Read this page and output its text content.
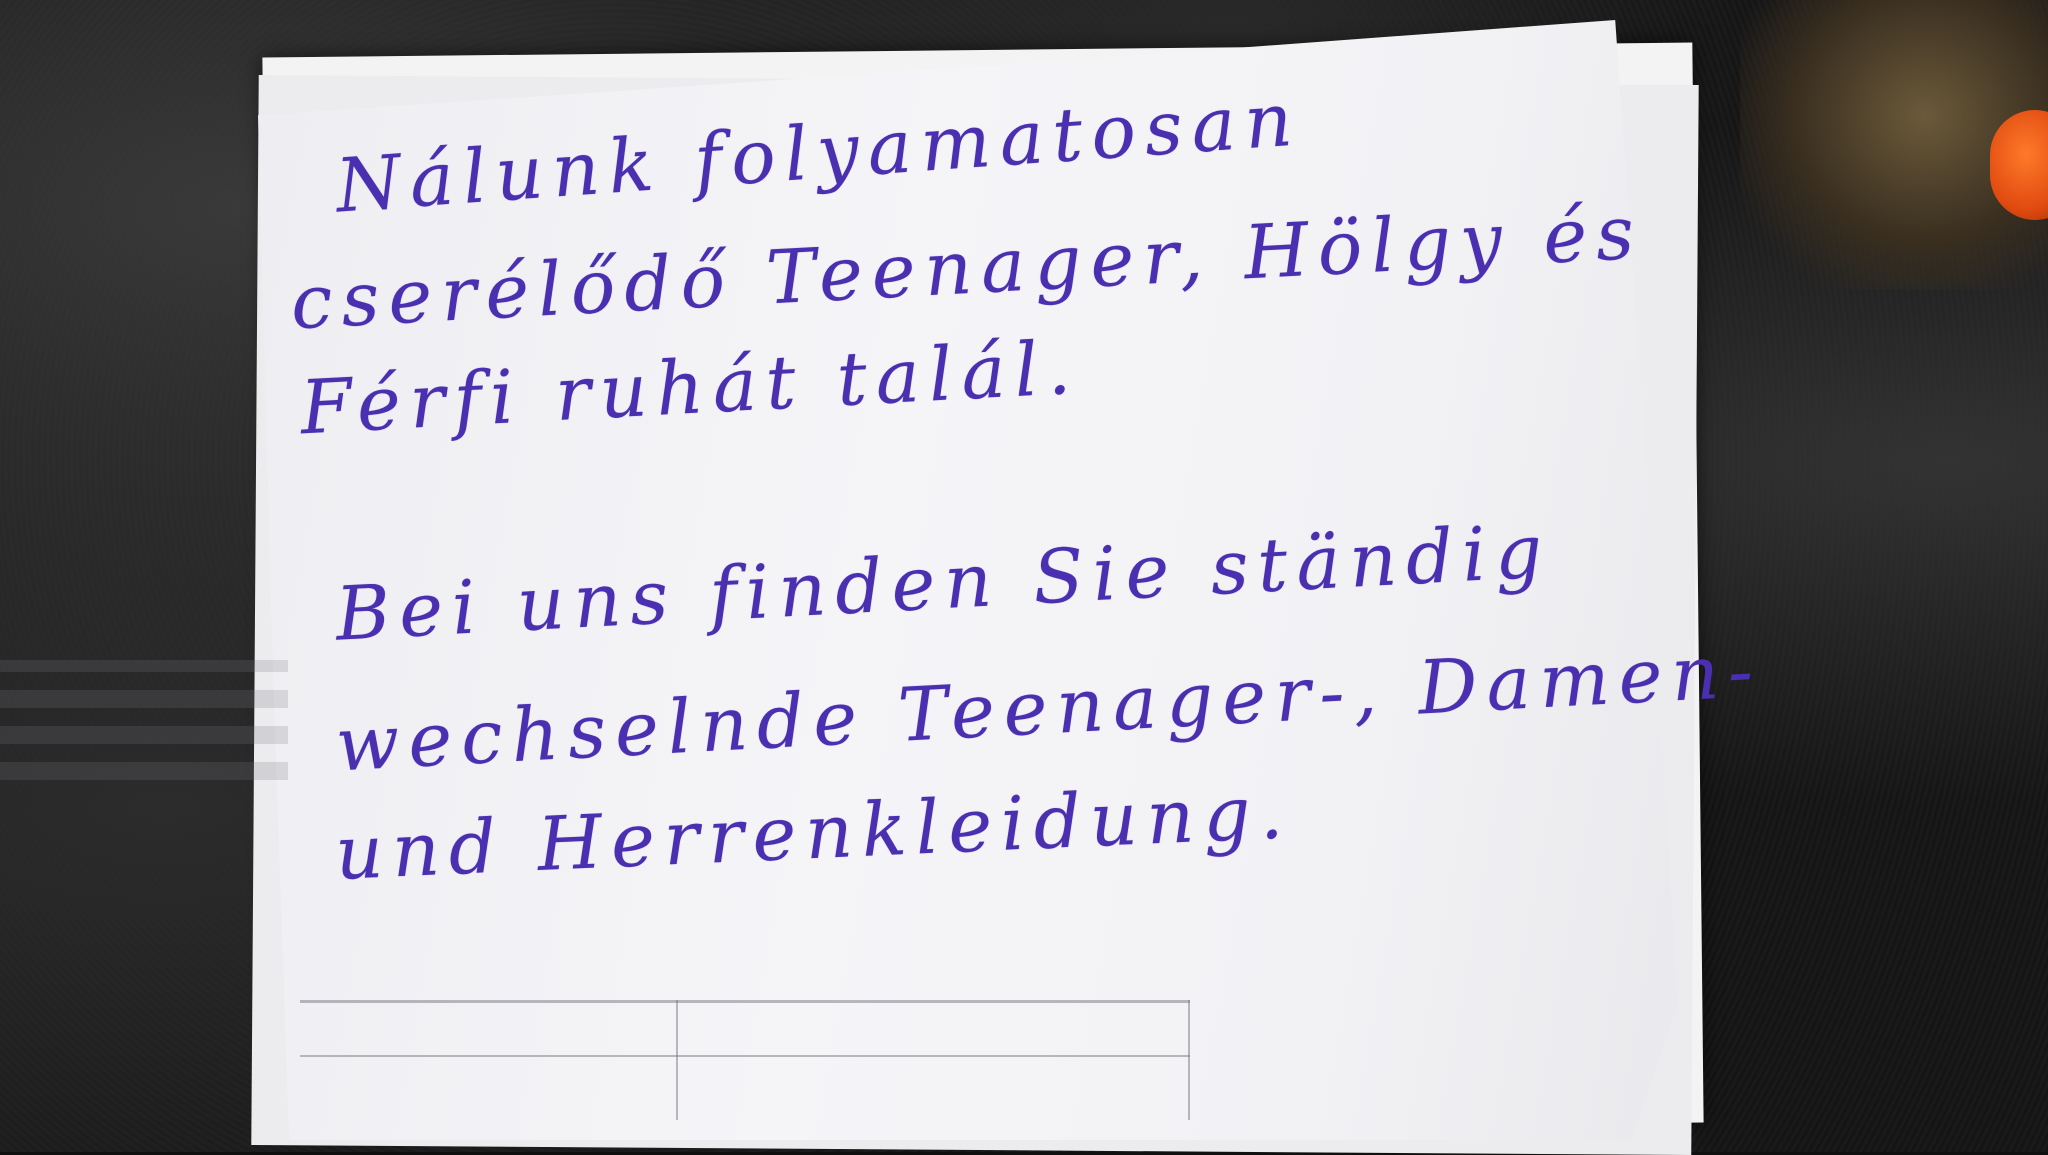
Nálunk folyamatosan
cserélődő Teenager, Hölgy és
Férfi ruhát talál.
Bei uns finden Sie ständig
wechselnde Teenager-, Damen-
und Herrenkleidung.
